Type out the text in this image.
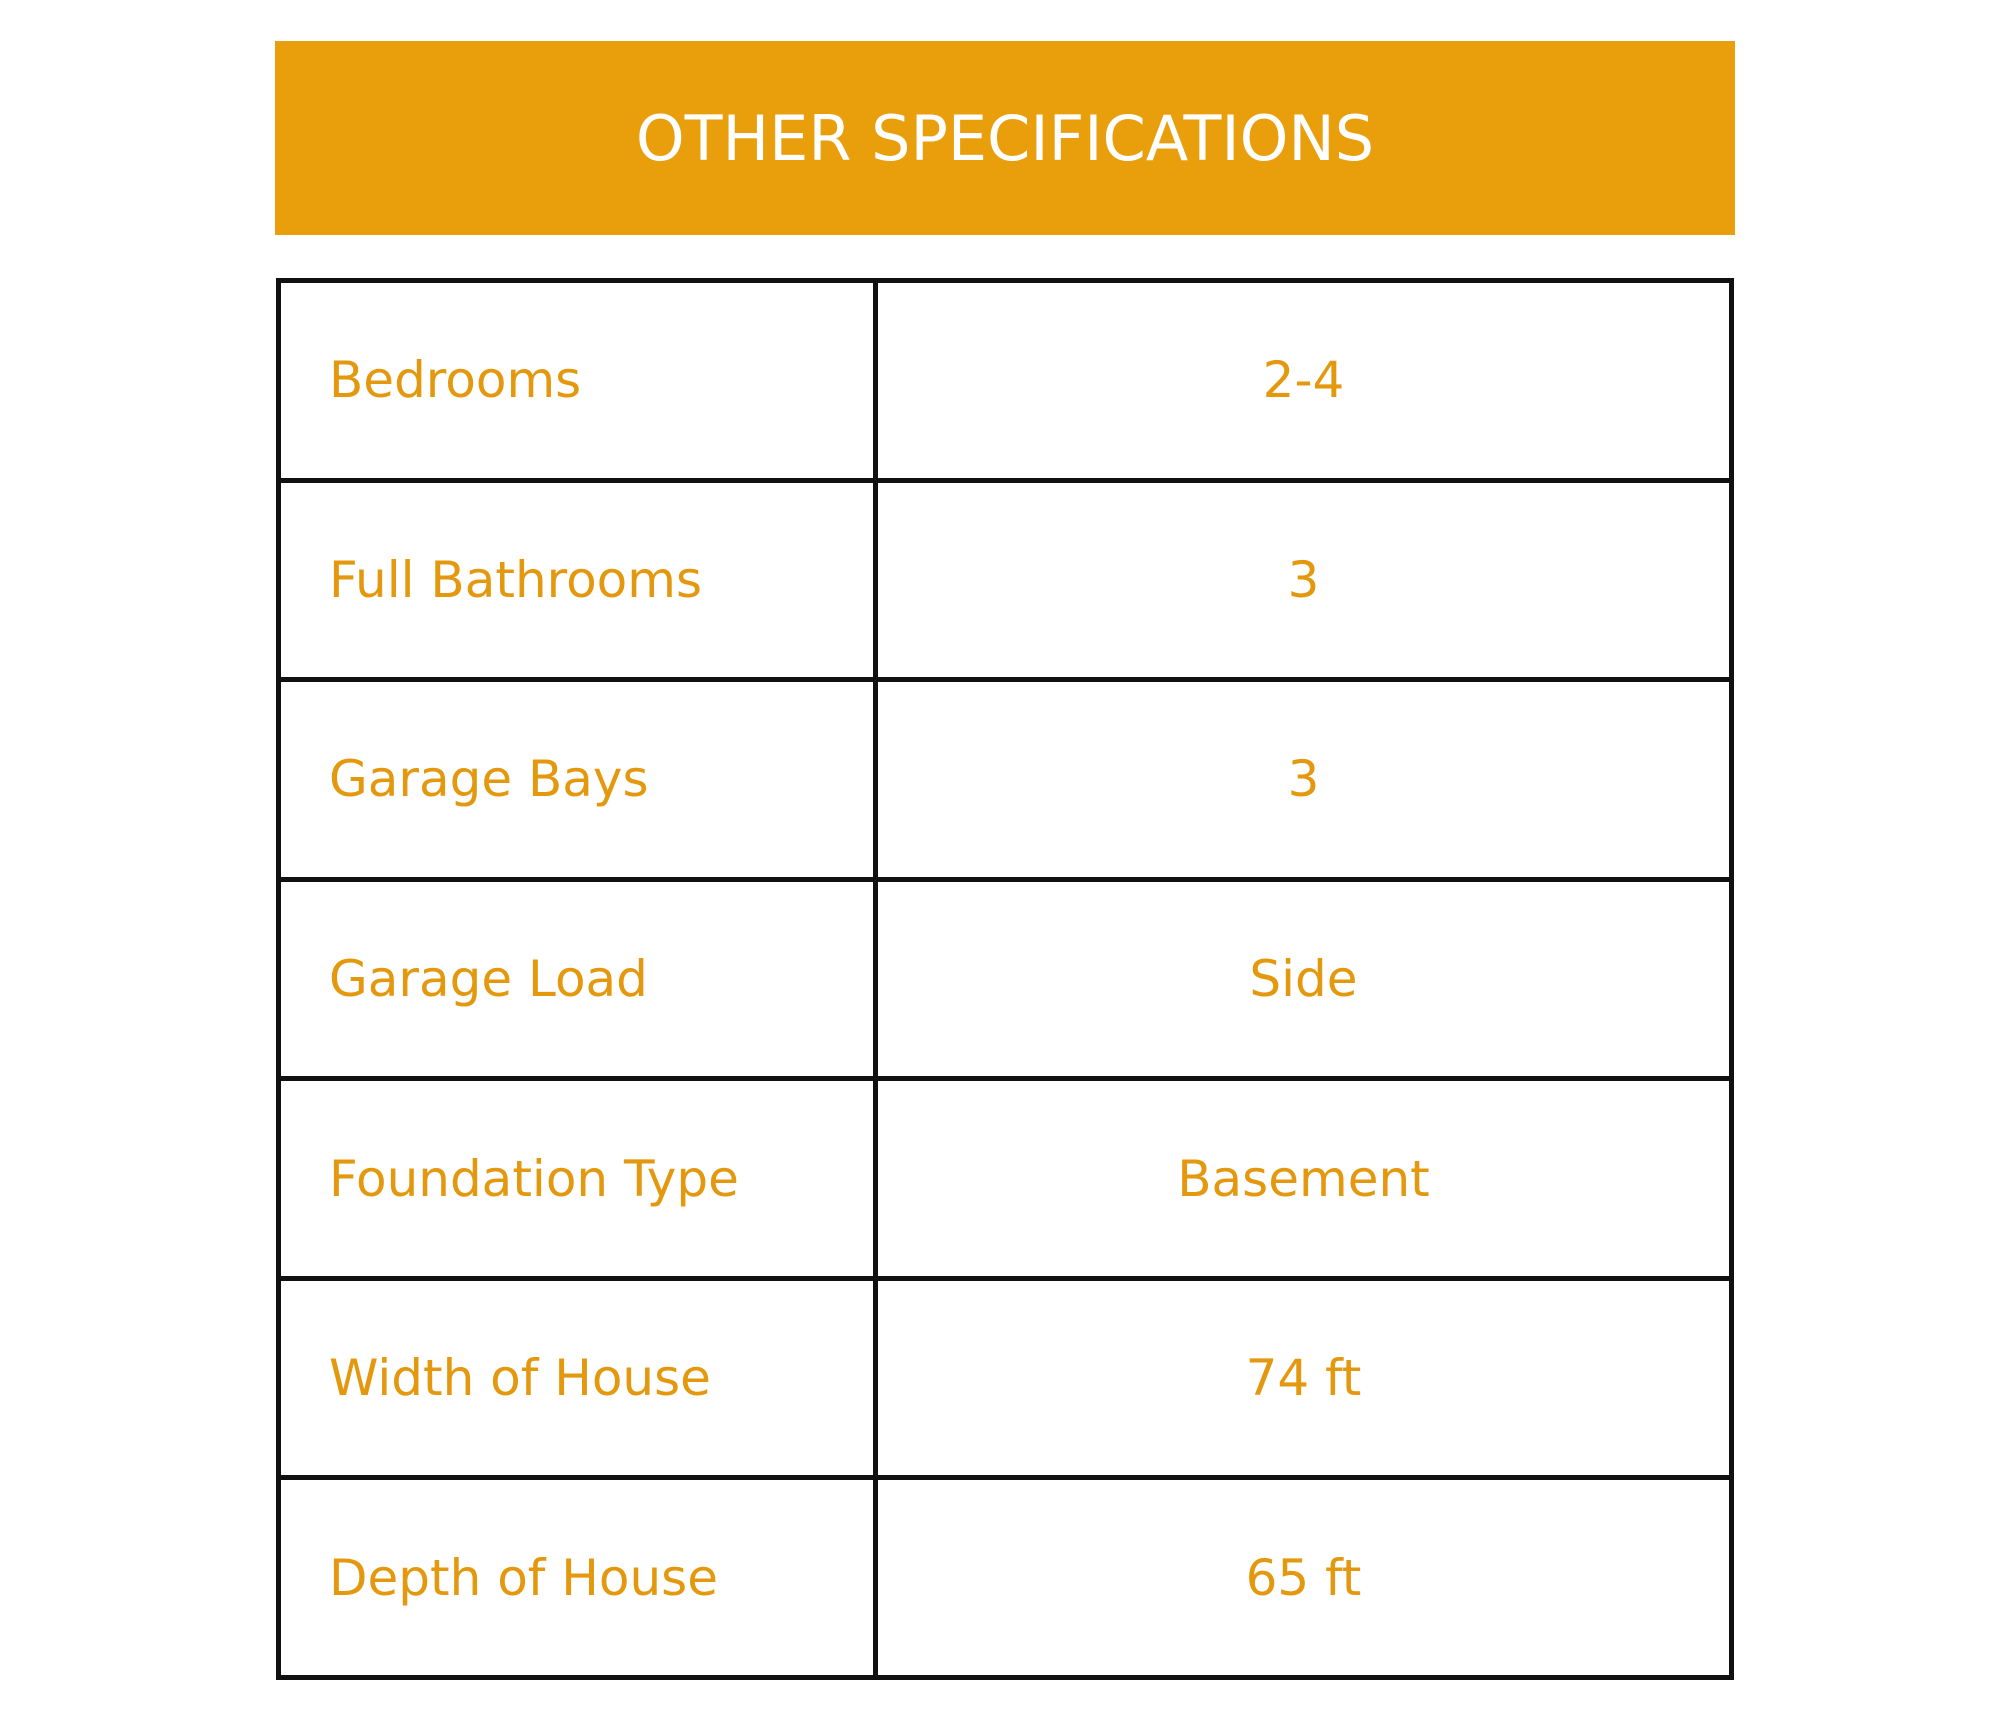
OTHER SPECIFICATIONS
Bedrooms	2-4
Full Bathrooms	3
Garage Bays	3
Garage Load	Side
Foundation Type	Basement
Width of House	74 ft
Depth of House	65 ft
